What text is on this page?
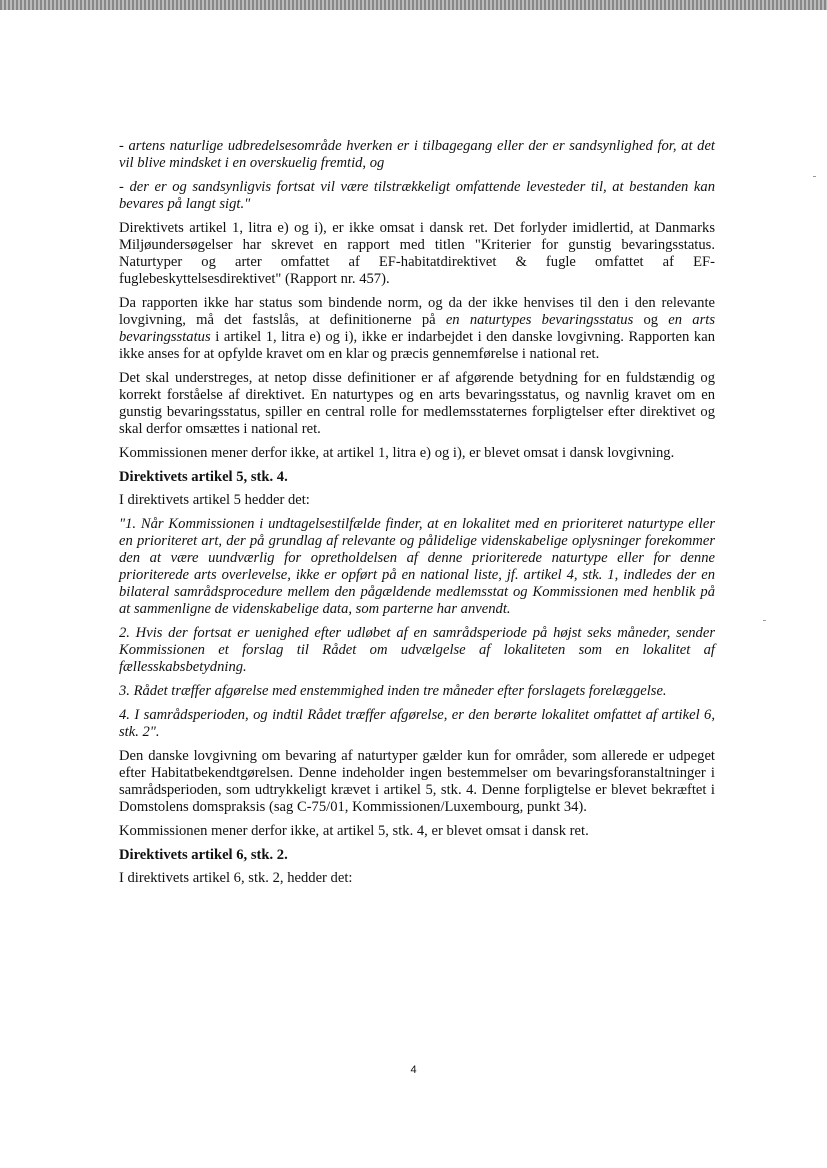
- artens naturlige udbredelsesområde hverken er i tilbagegang eller der er sandsynlighed for, at det vil blive mindsket i en overskuelig fremtid, og

- der er og sandsynligvis fortsat vil være tilstrækkeligt omfattende levesteder til, at bestanden kan bevares på langt sigt."

Direktivets artikel 1, litra e) og i), er ikke omsat i dansk ret. Det forlyder imidlertid, at Danmarks Miljøundersøgelser har skrevet en rapport med titlen "Kriterier for gunstig bevaringsstatus. Naturtyper og arter omfattet af EF-habitatdirektivet & fugle omfattet af EF-fuglebeskyttelsesdirektivet" (Rapport nr. 457).

Da rapporten ikke har status som bindende norm, og da der ikke henvises til den i den relevante lovgivning, må det fastslås, at definitionerne på en naturtypes bevaringsstatus og en arts bevaringsstatus i artikel 1, litra e) og i), ikke er indarbejdet i den danske lovgivning. Rapporten kan ikke anses for at opfylde kravet om en klar og præcis gennemførelse i national ret.

Det skal understreges, at netop disse definitioner er af afgørende betydning for en fuldstændig og korrekt forståelse af direktivet. En naturtypes og en arts bevaringsstatus, og navnlig kravet om en gunstig bevaringsstatus, spiller en central rolle for medlemsstaternes forpligtelser efter direktivet og skal derfor omsættes i national ret.

Kommissionen mener derfor ikke, at artikel 1, litra e) og i), er blevet omsat i dansk lovgivning.

Direktivets artikel 5, stk. 4.

I direktivets artikel 5 hedder det:

"1. Når Kommissionen i undtagelsestilfælde finder, at en lokalitet med en prioriteret naturtype eller en prioriteret art, der på grundlag af relevante og pålidelige videnskabelige oplysninger forekommer den at være uundværlig for opretholdelsen af denne prioriterede naturtype eller for denne prioriterede arts overlevelse, ikke er opført på en national liste, jf. artikel 4, stk. 1, indledes der en bilateral samrådsprocedure mellem den pågældende medlemsstat og Kommissionen med henblik på at sammenligne de videnskabelige data, som parterne har anvendt.

2. Hvis der fortsat er uenighed efter udløbet af en samrådsperiode på højst seks måneder, sender Kommissionen et forslag til Rådet om udvælgelse af lokaliteten som en lokalitet af fællesskabsbetydning.

3. Rådet træffer afgørelse med enstemmighed inden tre måneder efter forslagets forelæggelse.

4. I samrådsperioden, og indtil Rådet træffer afgørelse, er den berørte lokalitet omfattet af artikel 6, stk. 2".

Den danske lovgivning om bevaring af naturtyper gælder kun for områder, som allerede er udpeget efter Habitatbekendtgørelsen. Denne indeholder ingen bestemmelser om bevaringsforanstaltninger i samrådsperioden, som udtrykkeligt krævet i artikel 5, stk. 4. Denne forpligtelse er blevet bekræftet i Domstolens domspraksis (sag C-75/01, Kommissionen/Luxembourg, punkt 34).

Kommissionen mener derfor ikke, at artikel 5, stk. 4, er blevet omsat i dansk ret.

Direktivets artikel 6, stk. 2.

I direktivets artikel 6, stk. 2, hedder det:

4
